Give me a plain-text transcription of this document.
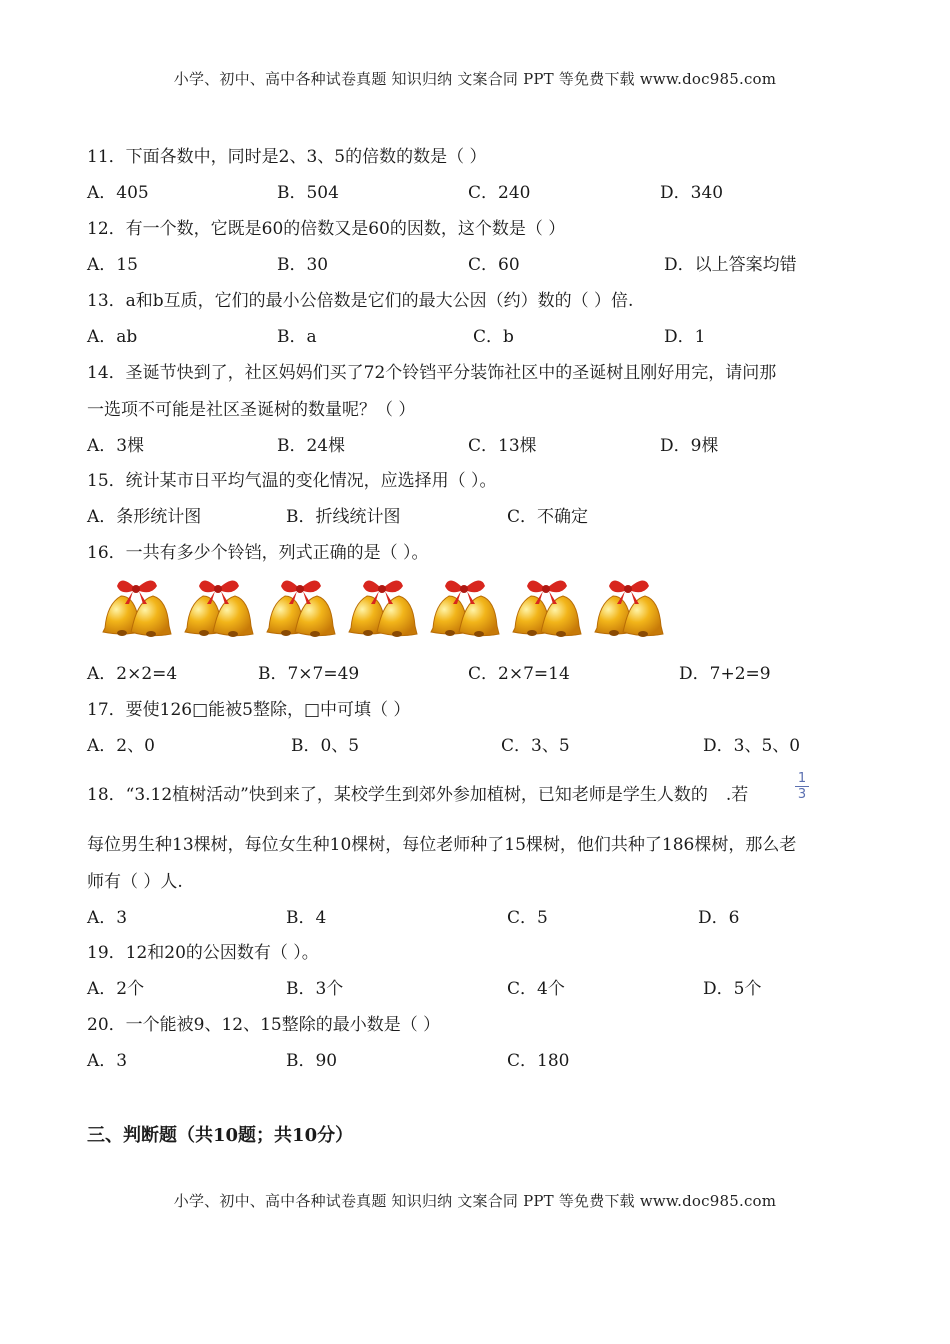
小学、初中、高中各种试卷真题 知识归纳 文案合同 PPT 等免费下载 www.doc985.com
11．下面各数中，同时是2、3、5的倍数的数是（ ）
A．405	B．504	C．240	D．340
12．有一个数，它既是60的倍数又是60的因数，这个数是（ ）
A．15	B．30	C．60	D．以上答案均错
13．a和b互质，它们的最小公倍数是它们的最大公因（约）数的（ ）倍.
A．ab	B．a	C．b	D．1
14．圣诞节快到了，社区妈妈们买了72个铃铛平分装饰社区中的圣诞树且刚好用完，请问那
一选项不可能是社区圣诞树的数量呢？（ ）
A．3棵	B．24棵	C．13棵	D．9棵
15．统计某市日平均气温的变化情况，应选择用（ ）。
A．条形统计图	B．折线统计图	C．不确定
16．一共有多少个铃铛，列式正确的是（ ）。
A．2×2=4	B．7×7=49	C．2×7=14	D．7+2=9
17．要使126□能被5整除，□中可填（ ）
A．2、0	B．0、5	C．3、5	D．3、5、0
18．“3.12植树活动”快到来了，某校学生到郊外参加植树，已知老师是学生人数的 .若
1
3
每位男生种13棵树，每位女生种10棵树，每位老师种了15棵树，他们共种了186棵树，那么老
师有（ ）人.
A．3	B．4	C．5	D．6
19．12和20的公因数有（ ）。
A．2个	B．3个	C．4个	D．5个
20．一个能被9、12、15整除的最小数是（ ）
A．3	B．90	C．180
三、判断题（共10题；共10分）
小学、初中、高中各种试卷真题 知识归纳 文案合同 PPT 等免费下载 www.doc985.com
